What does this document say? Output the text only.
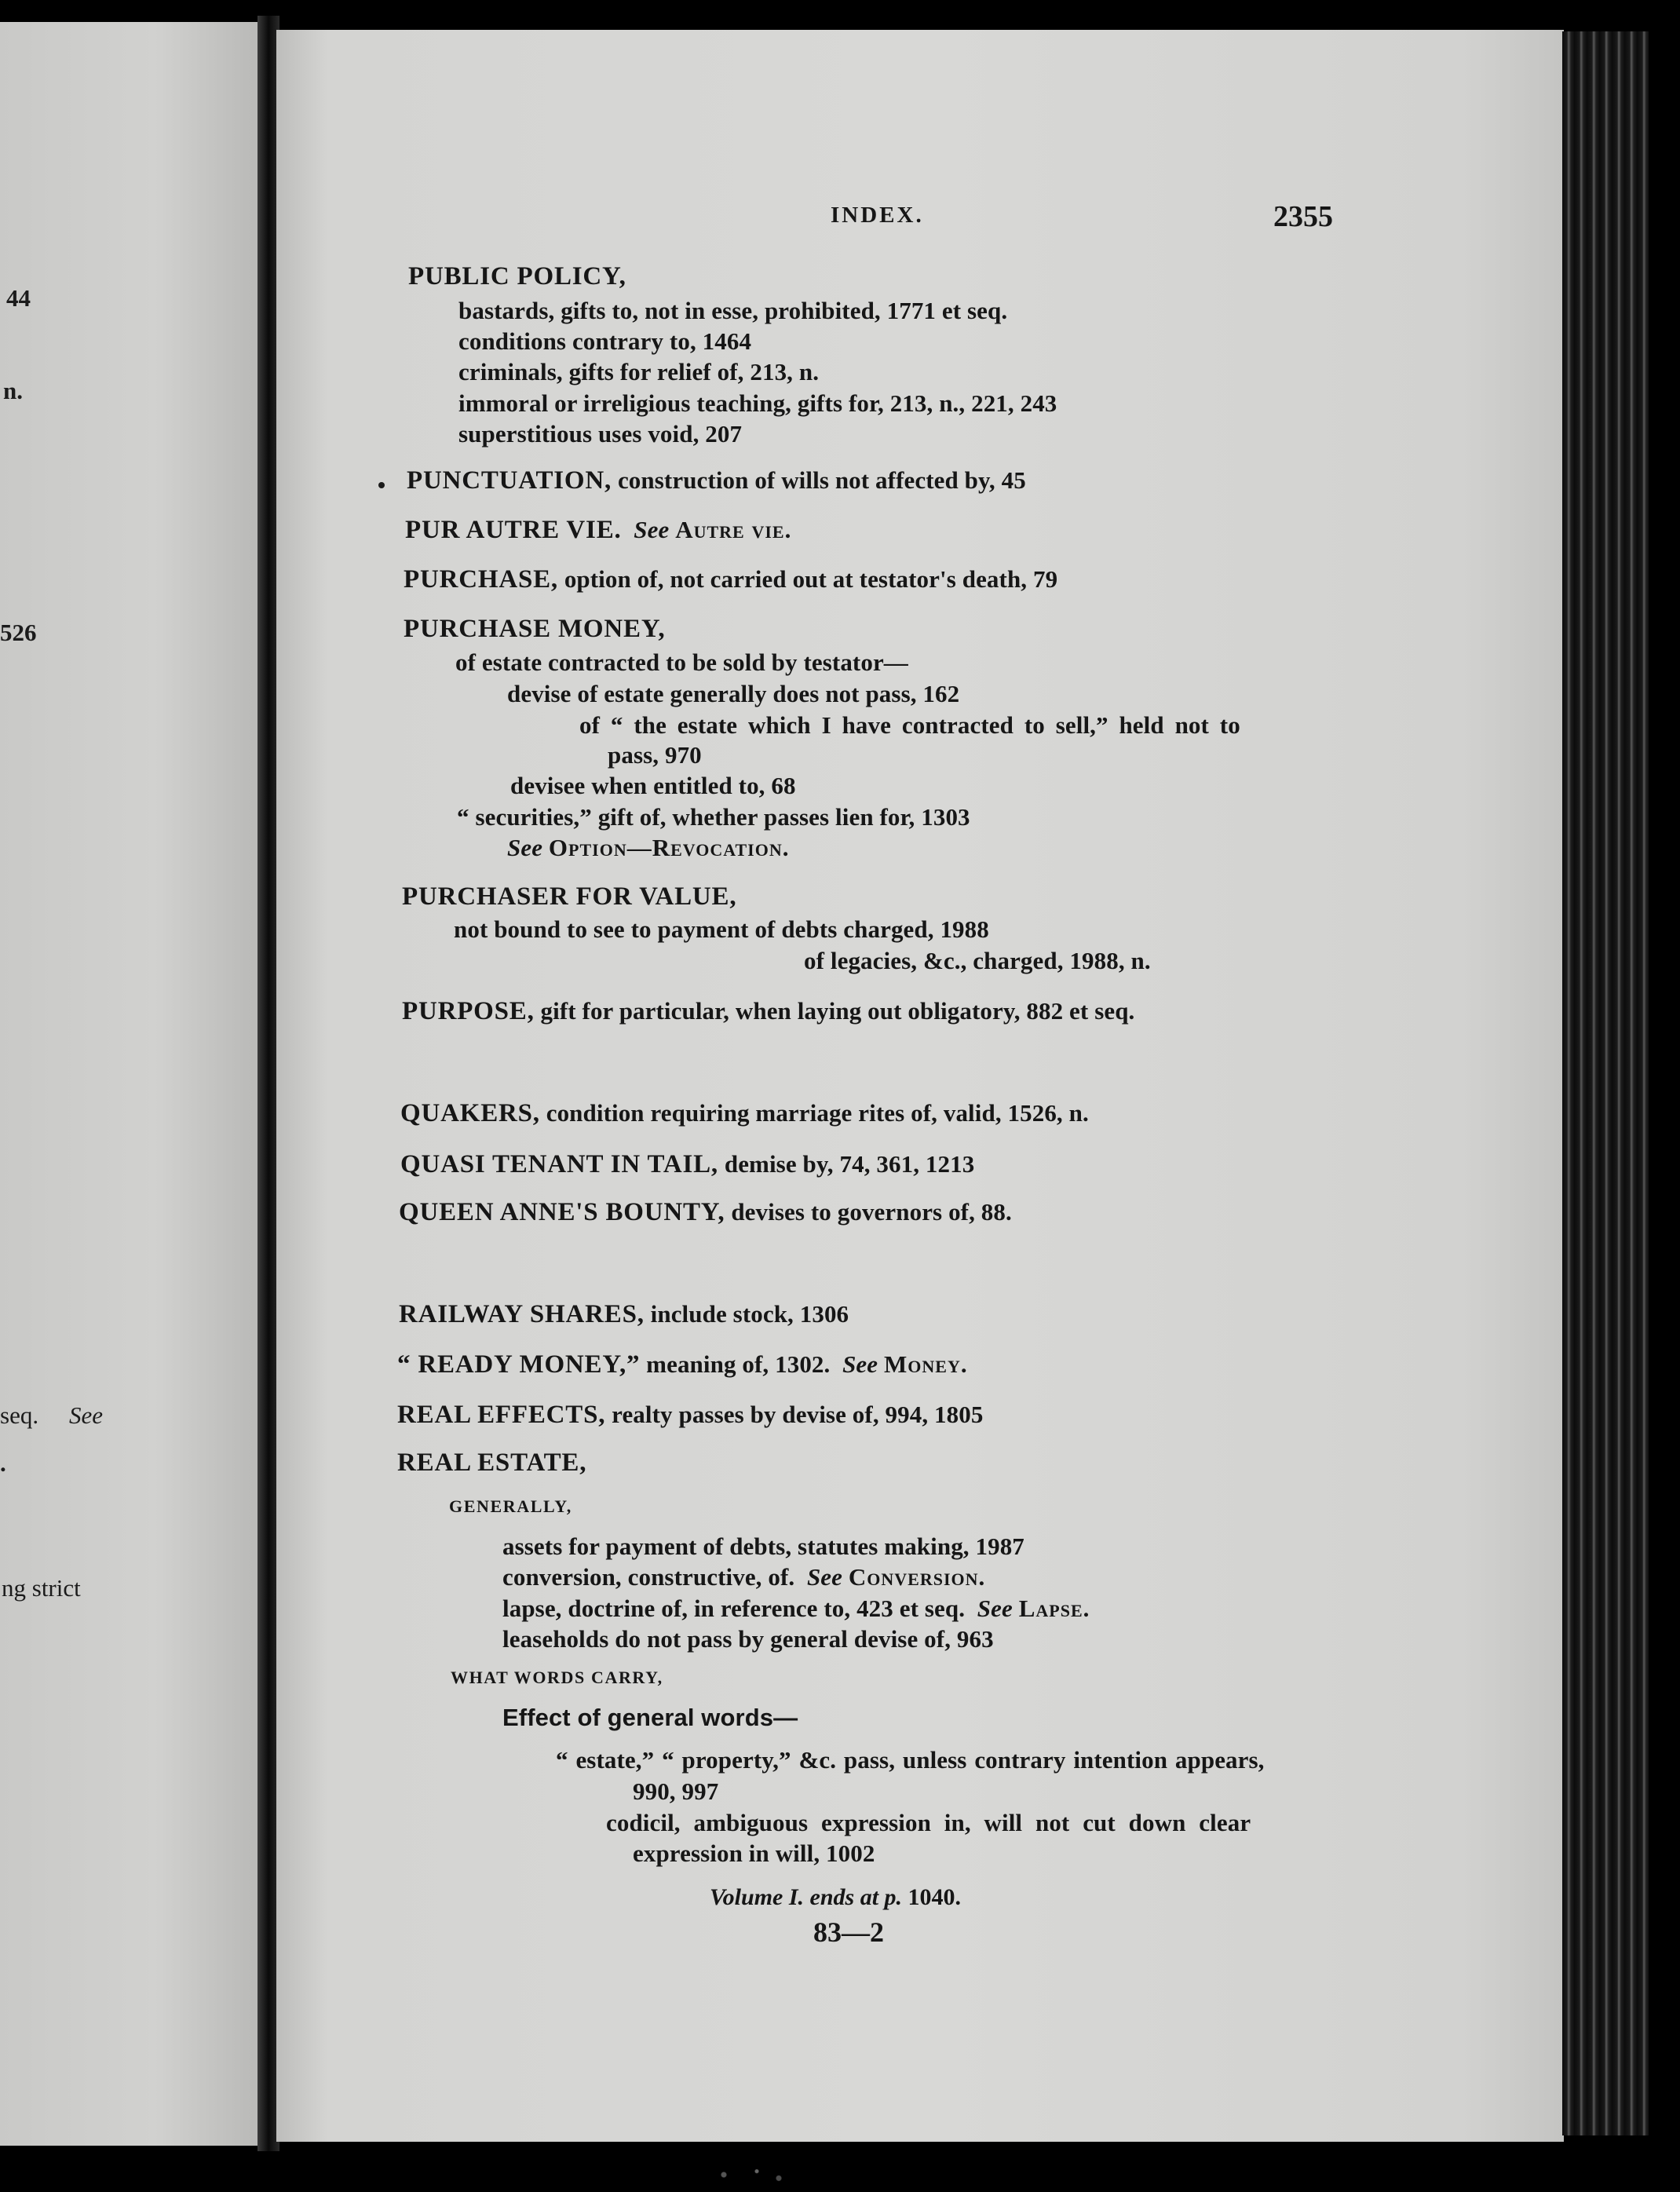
44
n.
526
seq. See
.
ng strict
INDEX.	2355
PUBLIC POLICY,
bastards, gifts to, not in esse, prohibited, 1771 et seq.
conditions contrary to, 1464
criminals, gifts for relief of, 213, n.
immoral or irreligious teaching, gifts for, 213, n., 221, 243
superstitious uses void, 207
PUNCTUATION, construction of wills not affected by, 45
PUR AUTRE VIE. See Autre vie.
PURCHASE, option of, not carried out at testator's death, 79
PURCHASE MONEY,
of estate contracted to be sold by testator—
devise of estate generally does not pass, 162
of “ the estate which I have contracted to sell,” held not to
pass, 970
devisee when entitled to, 68
“ securities,” gift of, whether passes lien for, 1303
See Option—Revocation.
PURCHASER FOR VALUE,
not bound to see to payment of debts charged, 1988
of legacies, &c., charged, 1988, n.
PURPOSE, gift for particular, when laying out obligatory, 882 et seq.
QUAKERS, condition requiring marriage rites of, valid, 1526, n.
QUASI TENANT IN TAIL, demise by, 74, 361, 1213
QUEEN ANNE'S BOUNTY, devises to governors of, 88.
RAILWAY SHARES, include stock, 1306
“ READY MONEY,” meaning of, 1302.  See Money.
REAL EFFECTS, realty passes by devise of, 994, 1805
REAL ESTATE,
GENERALLY,
assets for payment of debts, statutes making, 1987
conversion, constructive, of.  See Conversion.
lapse, doctrine of, in reference to, 423 et seq.  See Lapse.
leaseholds do not pass by general devise of, 963
WHAT WORDS CARRY,
Effect of general words—
“ estate,” “ property,” &c. pass, unless contrary intention appears,
990, 997
codicil, ambiguous expression in, will not cut down clear
expression in will, 1002
Volume I. ends at p. 1040.
83—2
